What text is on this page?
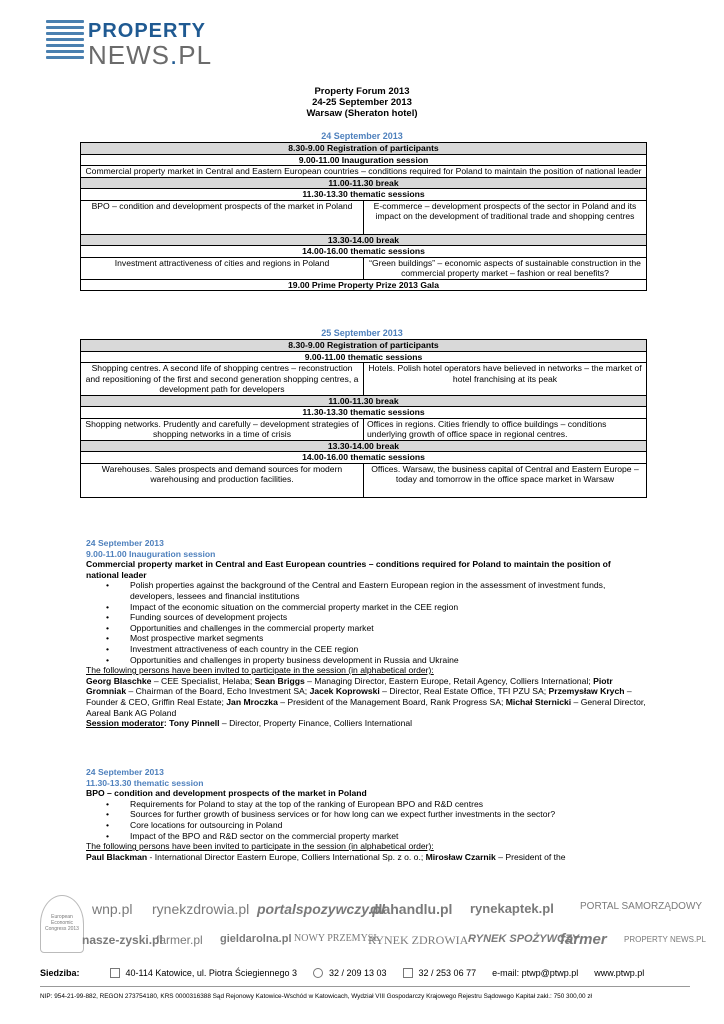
PROPERTY
NEWS.PL
Property Forum 2013
24-25 September 2013
Warsaw (Sheraton hotel)
24 September 2013
8.30-9.00 Registration of participants	
9.00-11.00 Inauguration session	
Commercial property market in Central and Eastern European countries – conditions required for Poland to maintain the position of national leader	
11.00-11.30 break	
11.30-13.30 thematic sessions	
BPO – condition and development prospects of the market in Poland	E-commerce – development prospects of the sector in Poland and its impact on the development of traditional trade and shopping centres
13.30-14.00 break	
14.00-16.00 thematic sessions	
Investment attractiveness of cities and regions in Poland	“Green buildings” – economic aspects of sustainable construction in the commercial property market – fashion or real benefits?
19.00 Prime Property Prize 2013 Gala	
25 September 2013
8.30-9.00 Registration of participants	
9.00-11.00 thematic sessions	
Shopping centres. A second life of shopping centres – reconstruction and repositioning of the first and second generation shopping centres, a development path for developers	Hotels. Polish hotel operators have believed in networks – the market of hotel franchising at its peak
11.00-11.30 break	
11.30-13.30 thematic sessions	
Shopping networks. Prudently and carefully – development strategies of shopping networks in a time of crisis	Offices in regions. Cities friendly to office buildings – conditions underlying growth of office space in regional centres.
13.30-14.00 break	
14.00-16.00 thematic sessions	
Warehouses. Sales prospects and demand sources for modern warehousing and production facilities.	Offices. Warsaw, the business capital of Central and Eastern Europe – today and tomorrow in the office space market in Warsaw
24 September 2013
9.00-11.00 Inauguration session
Commercial property market in Central and East European countries – conditions required for Poland to maintain the position of national leader
• Polish properties against the background of the Central and Eastern European region in the assessment of investment funds, developers, lessees and financial institutions
• Impact of the economic situation on the commercial property market in the CEE region
• Funding sources of development projects
• Opportunities and challenges in the commercial property market
• Most prospective market segments
• Investment attractiveness of each country in the CEE region
• Opportunities and challenges in property business development in Russia and Ukraine
The following persons have been invited to participate in the session (in alphabetical order):
Georg Blaschke – CEE Specialist, Helaba; Sean Briggs – Managing Director, Eastern Europe, Retail Agency, Colliers International; Piotr Gromniak – Chairman of the Board, Echo Investment SA; Jacek Koprowski – Director, Real Estate Office, TFI PZU SA; Przemysław Krych – Founder & CEO, Griffin Real Estate; Jan Mroczka – President of the Management Board, Rank Progress SA; Michał Sternicki – General Director, Aareal Bank AG Poland
Session moderator: Tony Pinnell – Director, Property Finance, Colliers International
24 September 2013
11.30-13.30 thematic session
BPO – condition and development prospects of the market in Poland
• Requirements for Poland to stay at the top of the ranking of European BPO and R&D centres
• Sources for further growth of business services or for how long can we expect further investments in the sector?
• Core locations for outsourcing in Poland
• Impact of the BPO and R&D sector on the commercial property market
The following persons have been invited to participate in the session (in alphabetical order):
Paul Blackman - International Director Eastern Europe, Colliers International Sp. z o. o.; Mirosław Czarnik – President of the
European Economic Congress 2013
wnp.pl rynekzdrowia.pl portalspozywczy.pl
dlahandlu.pl rynekaptek.pl	PORTAL SAMORZĄDOWY
nasze-zyski.pl
farmer.pl gieldarolna.pl NOWY PRZEMYSŁ
RYNEK ZDROWIA RYNEK SPOŻYWCZY
farmer PROPERTY NEWS.PL
Siedziba:	40-114 Katowice, ul. Piotra Ściegiennego 3	32 / 209 13 03	32 / 253 06 77 e-mail: ptwp@ptwp.pl www.ptwp.pl
NIP: 954-21-99-882, REGON 273754180, KRS 0000316388 Sąd Rejonowy Katowice-Wschód w Katowicach, Wydział VIII Gospodarczy Krajowego Rejestru Sądowego Kapitał zakł.: 750 300,00 zł
